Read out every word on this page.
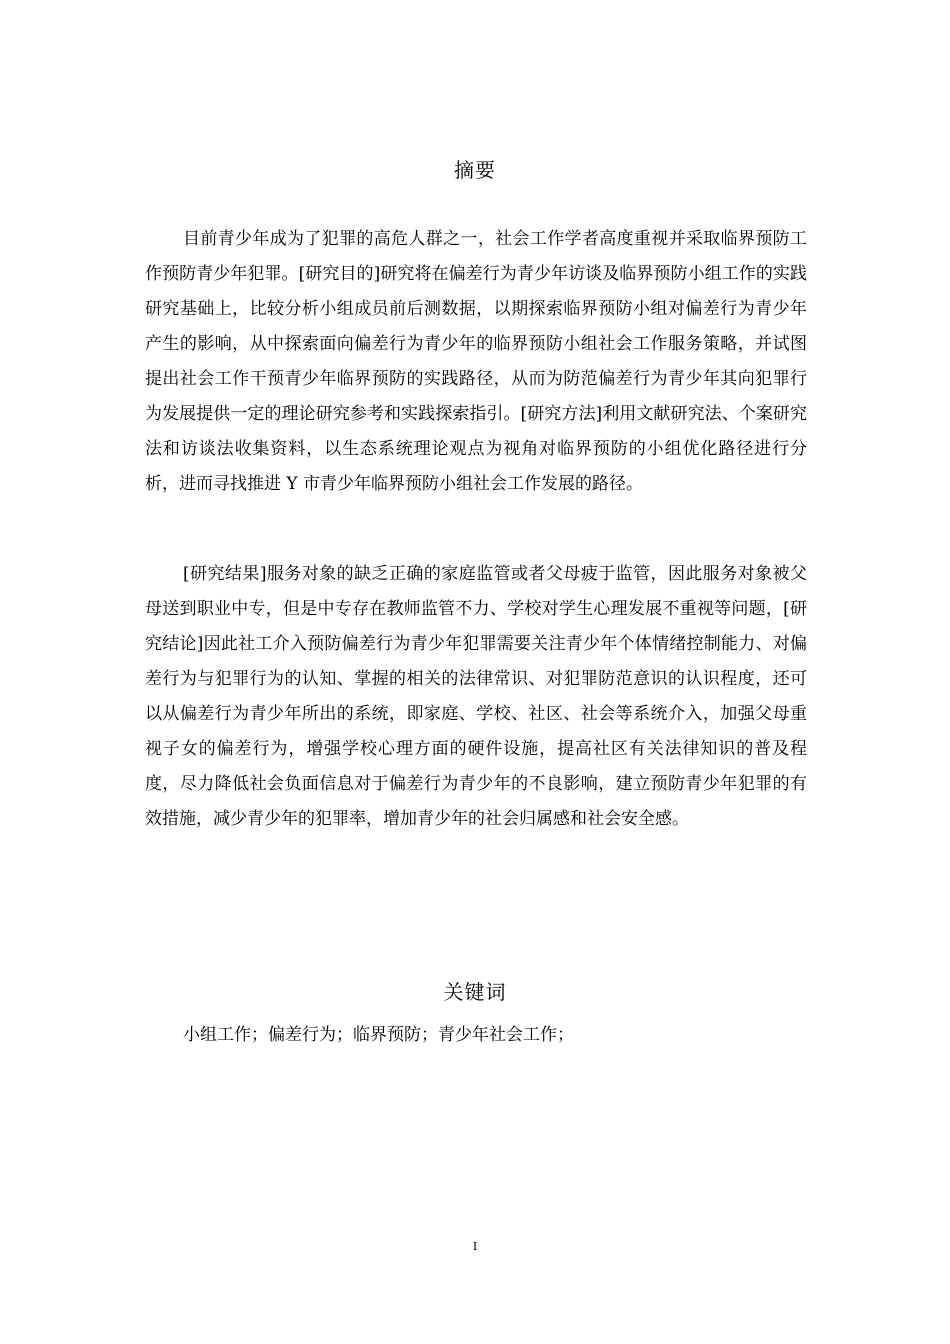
摘要

目前青少年成为了犯罪的高危人群之一，社会工作学者高度重视并采取临界预防工作预防青少年犯罪。[研究目的]研究将在偏差行为青少年访谈及临界预防小组工作的实践研究基础上，比较分析小组成员前后测数据，以期探索临界预防小组对偏差行为青少年产生的影响，从中探索面向偏差行为青少年的临界预防小组社会工作服务策略，并试图提出社会工作干预青少年临界预防的实践路径，从而为防范偏差行为青少年其向犯罪行为发展提供一定的理论研究参考和实践探索指引。[研究方法]利用文献研究法、个案研究法和访谈法收集资料，以生态系统理论观点为视角对临界预防的小组优化路径进行分析，进而寻找推进 Y 市青少年临界预防小组社会工作发展的路径。

[研究结果]服务对象的缺乏正确的家庭监管或者父母疲于监管，因此服务对象被父母送到职业中专，但是中专存在教师监管不力、学校对学生心理发展不重视等问题，[研究结论]因此社工介入预防偏差行为青少年犯罪需要关注青少年个体情绪控制能力、对偏差行为与犯罪行为的认知、掌握的相关的法律常识、对犯罪防范意识的认识程度，还可以从偏差行为青少年所出的系统，即家庭、学校、社区、社会等系统介入，加强父母重视子女的偏差行为，增强学校心理方面的硬件设施，提高社区有关法律知识的普及程度，尽力降低社会负面信息对于偏差行为青少年的不良影响，建立预防青少年犯罪的有效措施，减少青少年的犯罪率，增加青少年的社会归属感和社会安全感。

关键词
小组工作；偏差行为；临界预防；青少年社会工作；
I
